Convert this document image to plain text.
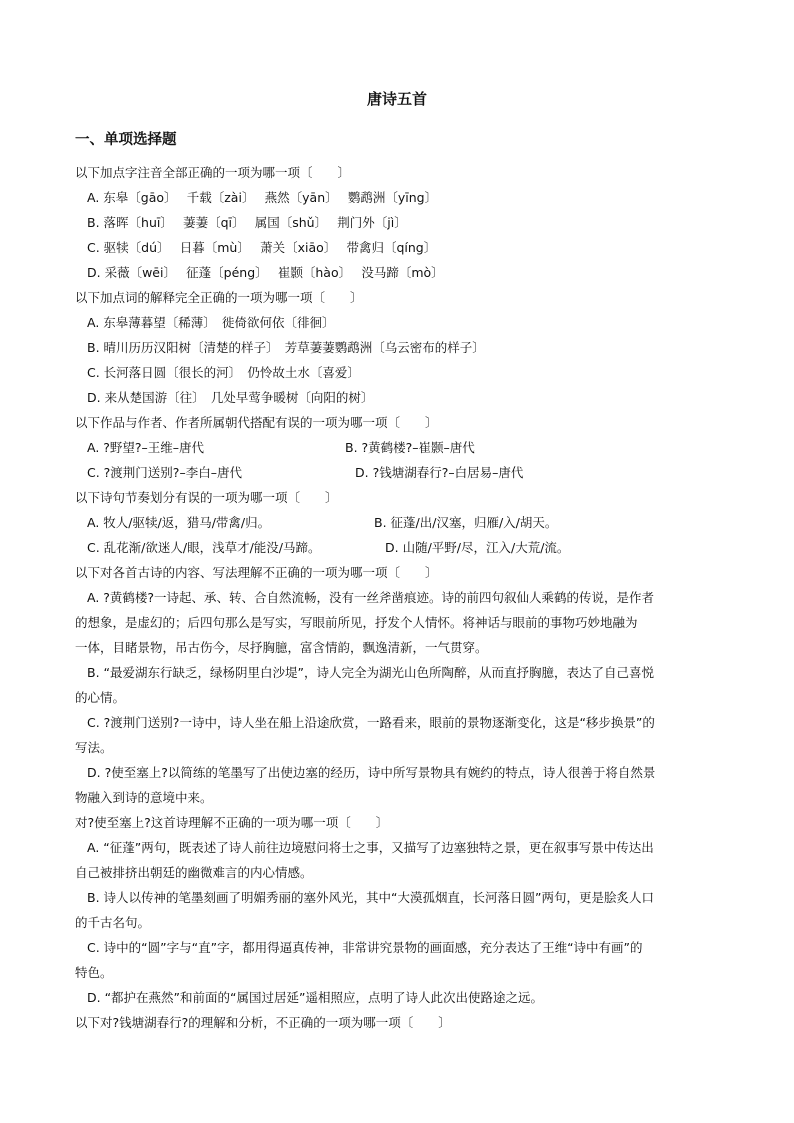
唐诗五首
一、单项选择题
以下加点字注音全部正确的一项为哪一项〔　　〕
A. 东皋〔gāo〕　 千载〔zài〕　 燕然〔yān〕　 鹦鹉洲〔yīng〕
B. 落晖〔huī〕　 萋萋〔qī〕　 属国〔shǔ〕　 荆门外〔jì〕
C. 驱犊〔dú〕　 日暮〔mù〕　 萧关〔xiāo〕　 带禽归〔qíng〕
D. 采薇〔wēi〕　 征蓬〔péng〕　 崔颢〔hào〕　 没马蹄〔mò〕
以下加点词的解释完全正确的一项为哪一项〔　　〕
A. 东皋薄暮望〔稀薄〕　徙倚欲何依〔徘徊〕
B. 晴川历历汉阳树〔清楚的样子〕　芳草萋萋鹦鹉洲〔乌云密布的样子〕
C. 长河落日圆〔很长的河〕　仍怜故土水〔喜爱〕
D. 来从楚国游〔往〕　几处早莺争暖树〔向阳的树〕
以下作品与作者、作者所属朝代搭配有误的一项为哪一项〔　　〕
A. ?野望?–王维–唐代	B. ?黄鹤楼?–崔颢–唐代
C. ?渡荆门送别?–李白–唐代	D. ?钱塘湖春行?–白居易–唐代
以下诗句节奏划分有误的一项为哪一项〔　　〕
A. 牧人/驱犊/返，猎马/带禽/归。	B. 征蓬/出/汉塞，归雁/入/胡天。
C. 乱花渐/欲迷人/眼，浅草才/能没/马蹄。	D. 山随/平野/尽，江入/大荒/流。
以下对各首古诗的内容、写法理解不正确的一项为哪一项〔　　〕
A. ?黄鹤楼?一诗起、承、转、合自然流畅，没有一丝斧凿痕迹。诗的前四句叙仙人乘鹤的传说，是作者
的想象，是虚幻的；后四句那么是写实，写眼前所见，抒发个人情怀。将神话与眼前的事物巧妙地融为
一体，目睹景物，吊古伤今，尽抒胸臆，富含情韵，飘逸清新，一气贯穿。
B. “最爱湖东行缺乏，绿杨阴里白沙堤”，诗人完全为湖光山色所陶醉，从而直抒胸臆，表达了自己喜悦
的心情。
C. ?渡荆门送别?一诗中，诗人坐在船上沿途欣赏，一路看来，眼前的景物逐渐变化，这是“移步换景”的
写法。
D. ?使至塞上?以简练的笔墨写了出使边塞的经历，诗中所写景物具有婉约的特点，诗人很善于将自然景
物融入到诗的意境中来。
对?使至塞上?这首诗理解不正确的一项为哪一项〔　　〕
A. “征蓬”两句，既表述了诗人前往边境慰问将士之事，又描写了边塞独特之景，更在叙事写景中传达出
自己被排挤出朝廷的幽微难言的内心情感。
B. 诗人以传神的笔墨刻画了明媚秀丽的塞外风光，其中“大漠孤烟直，长河落日圆”两句，更是脍炙人口
的千古名句。
C. 诗中的“圆”字与“直”字，都用得逼真传神，非常讲究景物的画面感，充分表达了王维“诗中有画”的
特色。
D. “都护在燕然”和前面的“属国过居延”遥相照应，点明了诗人此次出使路途之远。
以下对?钱塘湖春行?的理解和分析，不正确的一项为哪一项〔　　〕
